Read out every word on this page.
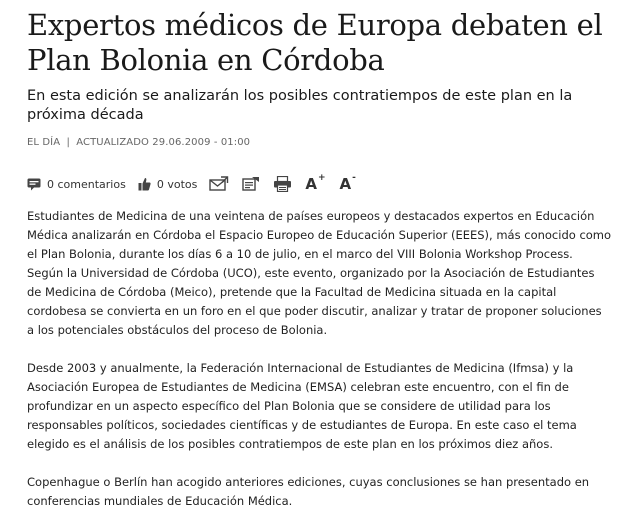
Expertos médicos de Europa debaten el Plan Bolonia en Córdoba
En esta edición se analizarán los posibles contratiempos de este plan en la próxima década
EL DÍA | ACTUALIZADO 29.06.2009 - 01:00
0 comentarios	0 votos	A+ A-

Estudiantes de Medicina de una veintena de países europeos y destacados expertos en Educación Médica analizarán en Córdoba el Espacio Europeo de Educación Superior (EEES), más conocido como el Plan Bolonia, durante los días 6 a 10 de julio, en el marco del VIII Bolonia Workshop Process. Según la Universidad de Córdoba (UCO), este evento, organizado por la Asociación de Estudiantes de Medicina de Córdoba (Meico), pretende que la Facultad de Medicina situada en la capital cordobesa se convierta en un foro en el que poder discutir, analizar y tratar de proponer soluciones a los potenciales obstáculos del proceso de Bolonia.

Desde 2003 y anualmente, la Federación Internacional de Estudiantes de Medicina (Ifmsa) y la Asociación Europea de Estudiantes de Medicina (EMSA) celebran este encuentro, con el fin de profundizar en un aspecto específico del Plan Bolonia que se considere de utilidad para los responsables políticos, sociedades científicas y de estudiantes de Europa. En este caso el tema elegido es el análisis de los posibles contratiempos de este plan en los próximos diez años.

Copenhague o Berlín han acogido anteriores ediciones, cuyas conclusiones se han presentado en conferencias mundiales de Educación Médica.
